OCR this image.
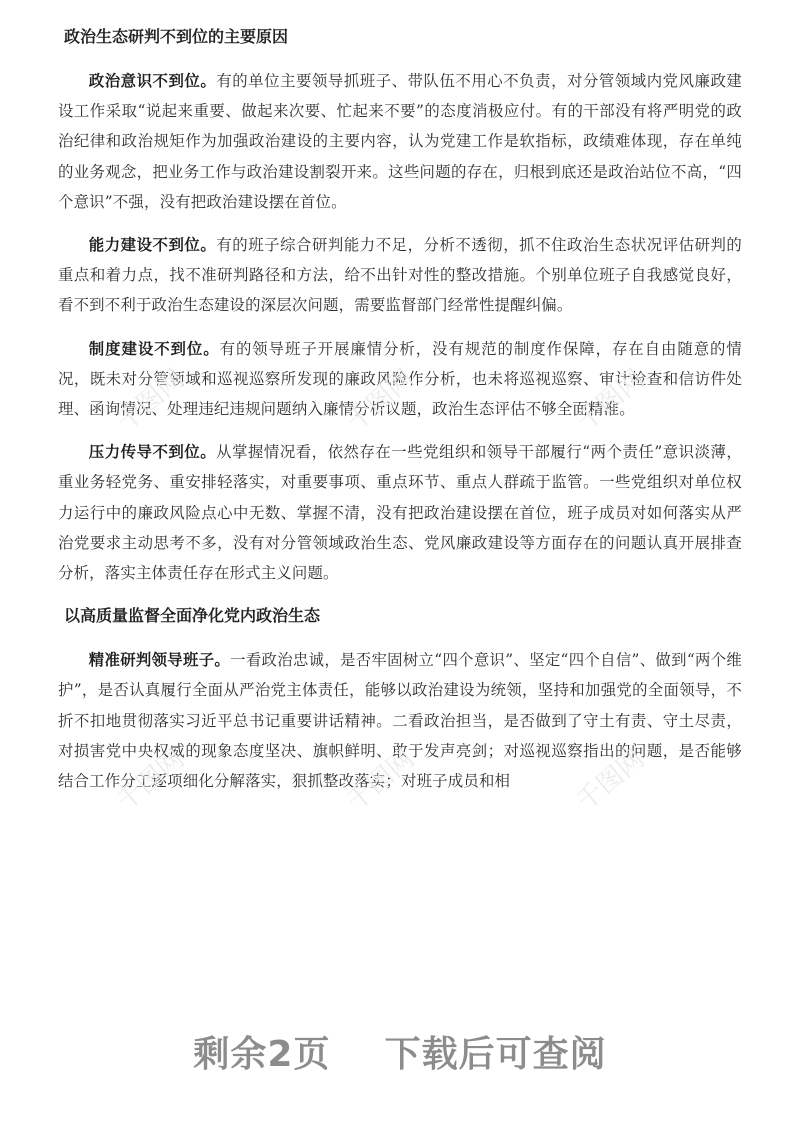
政治生态研判不到位的主要原因

政治意识不到位。有的单位主要领导抓班子、带队伍不用心不负责，对分管领域内党风廉政建设工作采取“说起来重要、做起来次要、忙起来不要”的态度消极应付。有的干部没有将严明党的政治纪律和政治规矩作为加强政治建设的主要内容，认为党建工作是软指标，政绩难体现，存在单纯的业务观念，把业务工作与政治建设割裂开来。这些问题的存在，归根到底还是政治站位不高，“四个意识”不强，没有把政治建设摆在首位。

能力建设不到位。有的班子综合研判能力不足，分析不透彻，抓不住政治生态状况评估研判的重点和着力点，找不准研判路径和方法，给不出针对性的整改措施。个别单位班子自我感觉良好，看不到不利于政治生态建设的深层次问题，需要监督部门经常性提醒纠偏。

制度建设不到位。有的领导班子开展廉情分析，没有规范的制度作保障，存在自由随意的情况，既未对分管领域和巡视巡察所发现的廉政风险作分析，也未将巡视巡察、审计检查和信访件处理、函询情况、处理违纪违规问题纳入廉情分析议题，政治生态评估不够全面精准。

压力传导不到位。从掌握情况看，依然存在一些党组织和领导干部履行“两个责任”意识淡薄，重业务轻党务、重安排轻落实，对重要事项、重点环节、重点人群疏于监管。一些党组织对单位权力运行中的廉政风险点心中无数、掌握不清，没有把政治建设摆在首位，班子成员对如何落实从严治党要求主动思考不多，没有对分管领域政治生态、党风廉政建设等方面存在的问题认真开展排查分析，落实主体责任存在形式主义问题。

以高质量监督全面净化党内政治生态

精准研判领导班子。一看政治忠诚，是否牢固树立“四个意识”、坚定“四个自信”、做到“两个维护”，是否认真履行全面从严治党主体责任，能够以政治建设为统领，坚持和加强党的全面领导，不折不扣地贯彻落实习近平总书记重要讲话精神。二看政治担当，是否做到了守土有责、守土尽责，对损害党中央权威的现象态度坚决、旗帜鲜明、敢于发声亮剑；对巡视巡察指出的问题，是否能够结合工作分工逐项细化分解落实，狠抓整改落实；对班子成员和相

千图网	千图网	千图网
千图网	千图网	千图网
剩余2页 下载后可查阅
